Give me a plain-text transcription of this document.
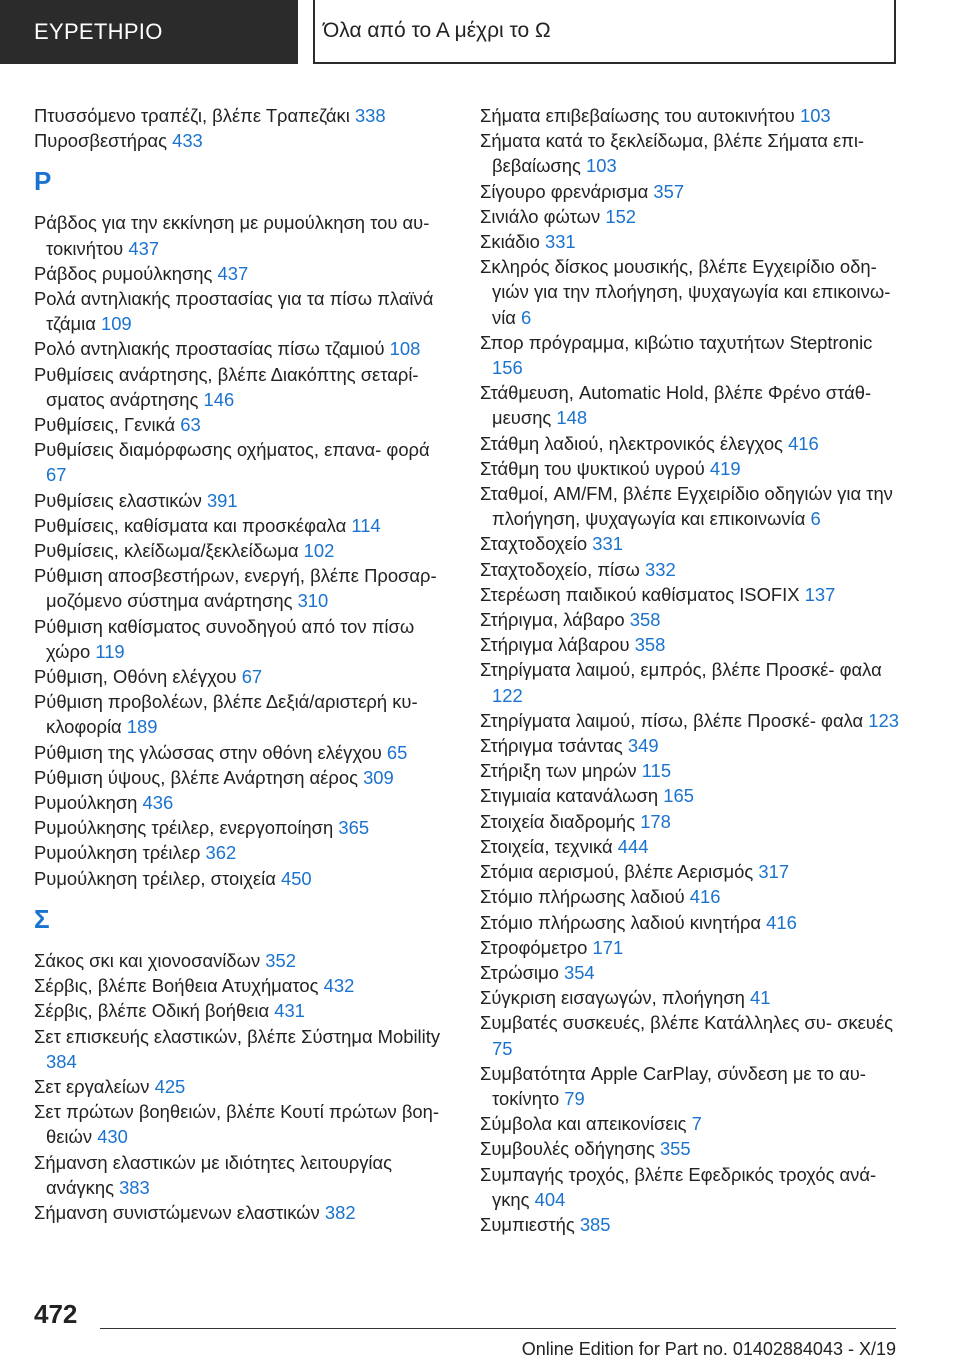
ΕΥΡΕΤΗΡΙΟ	Όλα από το Α μέχρι το Ω

Πτυσσόμενο τραπέζι, βλέπε Τραπεζάκι 338

Πυροσβεστήρας 433

Ρ

Ράβδος για την εκκίνηση με ρυμούλκηση του αυ‐ τοκινήτου 437

Ράβδος ρυμούλκησης 437

Ρολά αντηλιακής προστασίας για τα πίσω πλαϊνά τζάμια 109

Ρολό αντηλιακής προστασίας πίσω τζαμιού 108

Ρυθμίσεις ανάρτησης, βλέπε Διακόπτης σεταρί‐ σματος ανάρτησης 146

Ρυθμίσεις, Γενικά 63

Ρυθμίσεις διαμόρφωσης οχήματος, επανα‐ φορά 67

Ρυθμίσεις ελαστικών 391

Ρυθμίσεις, καθίσματα και προσκέφαλα 114

Ρυθμίσεις, κλείδωμα/ξεκλείδωμα 102

Ρύθμιση αποσβεστήρων, ενεργή, βλέπε Προσαρ‐ μοζόμενο σύστημα ανάρτησης 310

Ρύθμιση καθίσματος συνοδηγού από τον πίσω χώρο 119

Ρύθμιση, Οθόνη ελέγχου 67

Ρύθμιση προβολέων, βλέπε Δεξιά/αριστερή κυ‐ κλοφορία 189

Ρύθμιση της γλώσσας στην οθόνη ελέγχου 65

Ρύθμιση ύψους, βλέπε Ανάρτηση αέρος 309

Ρυμούλκηση 436

Ρυμούλκησης τρέιλερ, ενεργοποίηση 365

Ρυμούλκηση τρέιλερ 362

Ρυμούλκηση τρέιλερ, στοιχεία 450

Σ

Σάκος σκι και χιονοσανίδων 352

Σέρβις, βλέπε Βοήθεια Ατυχήματος 432

Σέρβις, βλέπε Οδική βοήθεια 431

Σετ επισκευής ελαστικών, βλέπε Σύστημα Mobility 384

Σετ εργαλείων 425

Σετ πρώτων βοηθειών, βλέπε Κουτί πρώτων βοη‐ θειών 430

Σήμανση ελαστικών με ιδιότητες λειτουργίας ανάγκης 383

Σήμανση συνιστώμενων ελαστικών 382

Σήματα επιβεβαίωσης του αυτοκινήτου 103

Σήματα κατά το ξεκλείδωμα, βλέπε Σήματα επι‐ βεβαίωσης 103

Σίγουρο φρενάρισμα 357

Σινιάλο φώτων 152

Σκιάδιο 331

Σκληρός δίσκος μουσικής, βλέπε Εγχειρίδιο οδη‐ γιών για την πλοήγηση, ψυχαγωγία και επικοινω‐ νία 6

Σπορ πρόγραμμα, κιβώτιο ταχυτήτων Steptronic 156

Στάθμευση, Automatic Hold, βλέπε Φρένο στάθ‐ μευσης 148

Στάθμη λαδιού, ηλεκτρονικός έλεγχος 416

Στάθμη του ψυκτικού υγρού 419

Σταθμοί, AM/FM, βλέπε Εγχειρίδιο οδηγιών για την πλοήγηση, ψυχαγωγία και επικοινωνία 6

Σταχτοδοχείο 331

Σταχτοδοχείο, πίσω 332

Στερέωση παιδικού καθίσματος ISOFIX 137

Στήριγμα, λάβαρο 358

Στήριγμα λάβαρου 358

Στηρίγματα λαιμού, εμπρός, βλέπε Προσκέ‐ φαλα 122

Στηρίγματα λαιμού, πίσω, βλέπε Προσκέ‐ φαλα 123

Στήριγμα τσάντας 349

Στήριξη των μηρών 115

Στιγμιαία κατανάλωση 165

Στοιχεία διαδρομής 178

Στοιχεία, τεχνικά 444

Στόμια αερισμού, βλέπε Αερισμός 317

Στόμιο πλήρωσης λαδιού 416

Στόμιο πλήρωσης λαδιού κινητήρα 416

Στροφόμετρο 171

Στρώσιμο 354

Σύγκριση εισαγωγών, πλοήγηση 41

Συμβατές συσκευές, βλέπε Κατάλληλες συ‐ σκευές 75

Συμβατότητα Apple CarPlay, σύνδεση με το αυ‐ τοκίνητο 79

Σύμβολα και απεικονίσεις 7

Συμβουλές οδήγησης 355

Συμπαγής τροχός, βλέπε Εφεδρικός τροχός ανά‐ γκης 404

Συμπιεστής 385

472
Online Edition for Part no. 01402884043 - X/19
